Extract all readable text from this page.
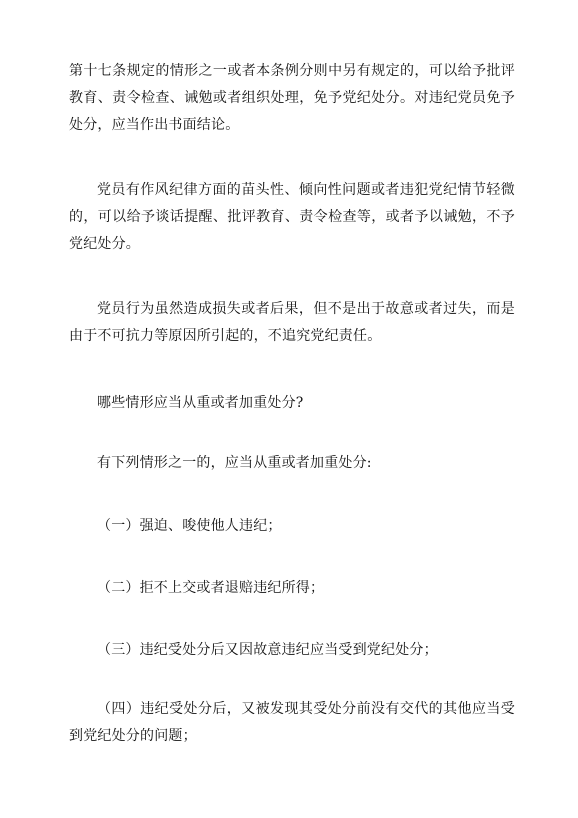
第十七条规定的情形之一或者本条例分则中另有规定的，可以给予批评教育、责令检查、诫勉或者组织处理，免予党纪处分。对违纪党员免予处分，应当作出书面结论。

党员有作风纪律方面的苗头性、倾向性问题或者违犯党纪情节轻微的，可以给予谈话提醒、批评教育、责令检查等，或者予以诫勉，不予党纪处分。

党员行为虽然造成损失或者后果，但不是出于故意或者过失，而是由于不可抗力等原因所引起的，不追究党纪责任。

哪些情形应当从重或者加重处分?

有下列情形之一的，应当从重或者加重处分:

（一）强迫、唆使他人违纪；

（二）拒不上交或者退赔违纪所得；

（三）违纪受处分后又因故意违纪应当受到党纪处分；

（四）违纪受处分后，又被发现其受处分前没有交代的其他应当受到党纪处分的问题；
